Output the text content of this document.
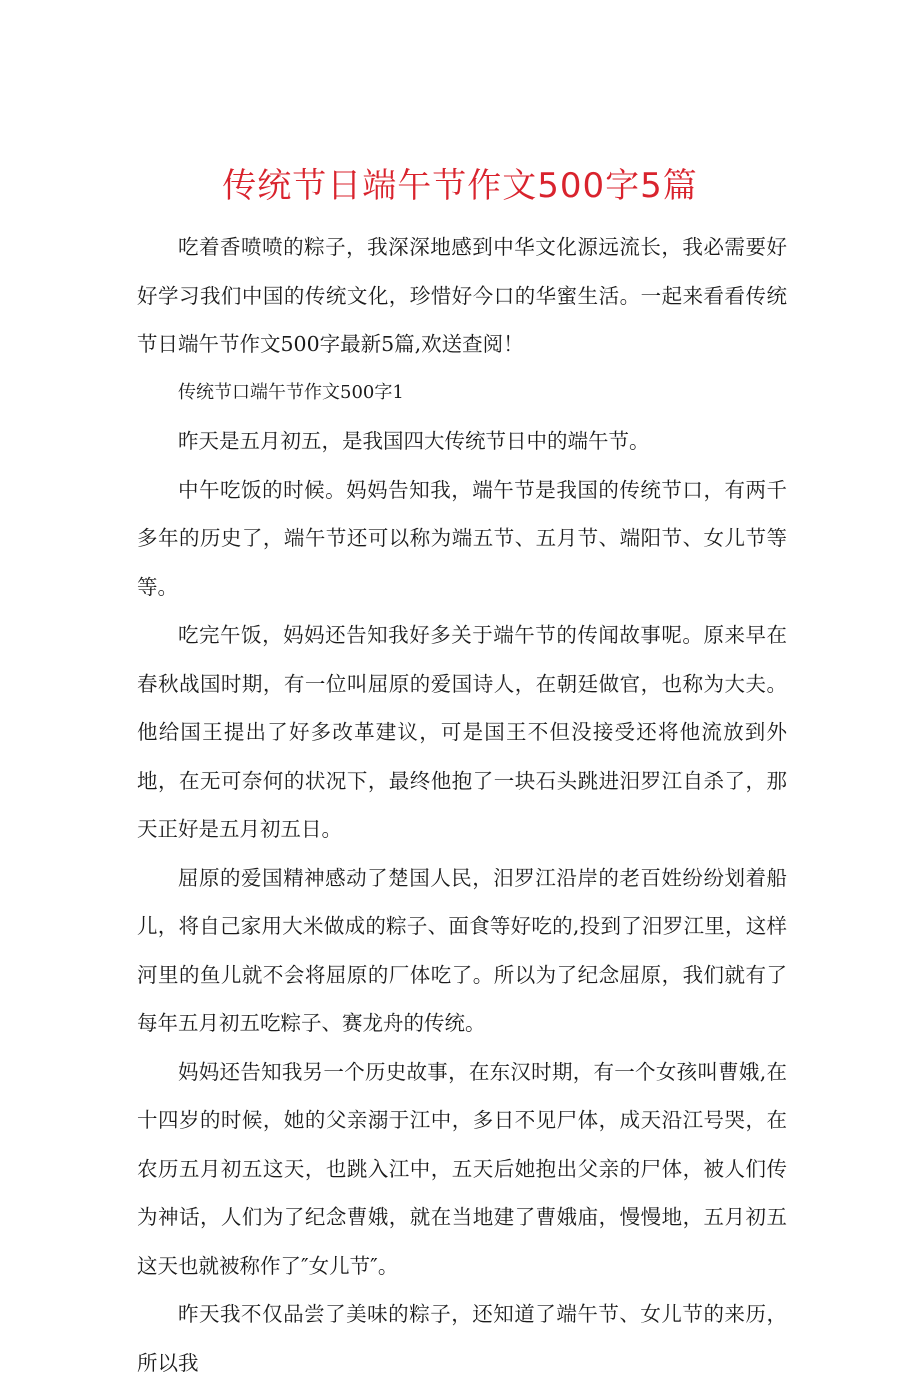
传统节日端午节作文500字5篇

吃着香喷喷的粽子，我深深地感到中华文化源远流长，我必需要好好学习我们中国的传统文化，珍惜好今口的华蜜生活。一起来看看传统节日端午节作文500字最新5篇,欢送查阅！

传统节口端午节作文500字1

昨天是五月初五，是我国四大传统节日中的端午节。

中午吃饭的时候。妈妈告知我，端午节是我国的传统节口，有两千多年的历史了，端午节还可以称为端五节、五月节、端阳节、女儿节等等。

吃完午饭，妈妈还告知我好多关于端午节的传闻故事呢。原来早在春秋战国时期，有一位叫屈原的爱国诗人，在朝廷做官，也称为大夫。他给国王提出了好多改革建议，可是国王不但没接受还将他流放到外地，在无可奈何的状况下，最终他抱了一块石头跳进汨罗江自杀了，那天正好是五月初五日。

屈原的爱国精神感动了楚国人民，汨罗江沿岸的老百姓纷纷划着船儿，将自己家用大米做成的粽子、面食等好吃的,投到了汨罗江里，这样河里的鱼儿就不会将屈原的厂体吃了。所以为了纪念屈原，我们就有了每年五月初五吃粽子、赛龙舟的传统。

妈妈还告知我另一个历史故事，在东汉时期，有一个女孩叫曹娥,在十四岁的时候，她的父亲溺于江中，多日不见尸体，成天沿江号哭，在农历五月初五这天，也跳入江中，五天后她抱出父亲的尸体，被人们传为神话，人们为了纪念曹娥，就在当地建了曹娥庙，慢慢地，五月初五这天也就被称作了″女儿节″。

昨天我不仅品尝了美味的粽子，还知道了端午节、女儿节的来历，所以我
